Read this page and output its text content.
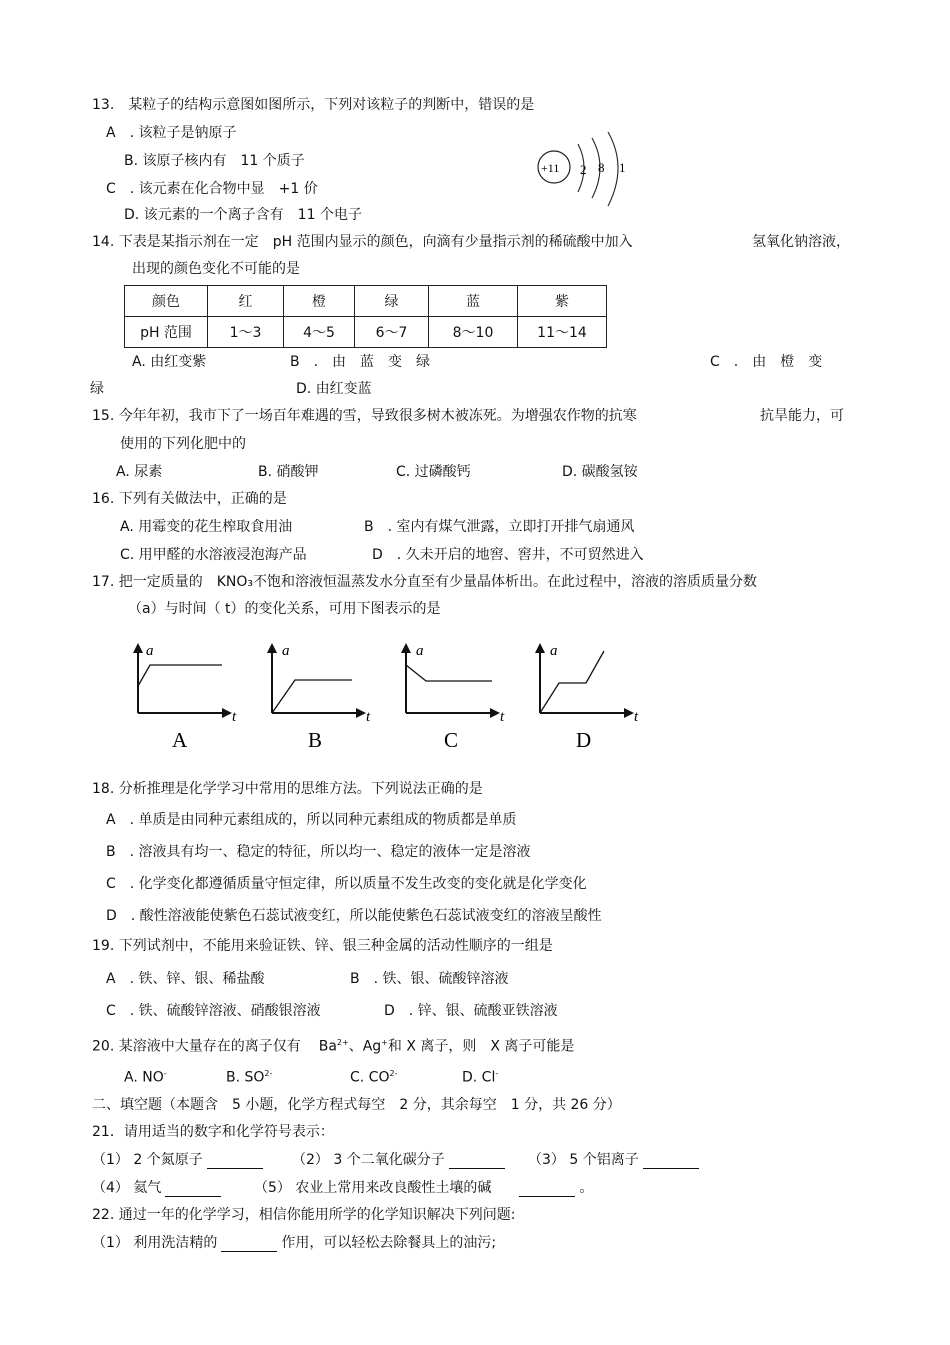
13.　某粒子的结构示意图如图所示，下列对该粒子的判断中，错误的是
A　. 该粒子是钠原子
B. 该原子核内有　11 个质子
C　. 该元素在化合物中显　+1 价
D. 该元素的一个离子含有　11 个电子
+11 2 8 1
14. 下表是某指示剂在一定　pH 范围内显示的颜色，向滴有少量指示剂的稀硫酸中加入	氢氧化钠溶液，
出现的颜色变化不可能的是
颜色	红	橙	绿	蓝	紫
pH 范围	1～3	4～5	6～7	8～10	11～14
A. 由红变紫	B　.　由　蓝　变　绿	C　.　由　橙　变
绿	D. 由红变蓝
15. 今年年初，我市下了一场百年难遇的雪，导致很多树木被冻死。为增强农作物的抗寒	抗旱能力，可
使用的下列化肥中的
A. 尿素	B. 硝酸钾	C. 过磷酸钙	D. 碳酸氢铵
16. 下列有关做法中，正确的是
A. 用霉变的花生榨取食用油	B　. 室内有煤气泄露，立即打开排气扇通风
C. 用甲醛的水溶液浸泡海产品	D　. 久未开启的地窖、窖井，不可贸然进入
17. 把一定质量的　KNO₃不饱和溶液恒温蒸发水分直至有少量晶体析出。在此过程中，溶液的溶质质量分数
（a）与时间（ t）的变化关系，可用下图表示的是
a
t
A
a
t
B
a
t
C
a
t
D
18. 分析推理是化学学习中常用的思维方法。下列说法正确的是
A　. 单质是由同种元素组成的，所以同种元素组成的物质都是单质
B　. 溶液具有均一、稳定的特征，所以均一、稳定的液体一定是溶液
C　. 化学变化都遵循质量守恒定律，所以质量不发生改变的变化就是化学变化
D　. 酸性溶液能使紫色石蕊试液变红，所以能使紫色石蕊试液变红的溶液呈酸性
19. 下列试剂中，不能用来验证铁、锌、银三种金属的活动性顺序的一组是
A　. 铁、锌、银、稀盐酸	B　. 铁、银、硫酸锌溶液
C　. 铁、硫酸锌溶液、硝酸银溶液	D　. 锌、银、硫酸亚铁溶液
20. 某溶液中大量存在的离子仅有 $Ba^{2+}$、Ag+和 X 离子，则　X 离子可能是
A. NO-	B. $SO^{2-}$	C. $CO^{2-}$	D. Cl-
二、填空题（本题含　5 小题，化学方程式每空　2 分，其余每空　1 分，共 26 分）
21．请用适当的数字和化学符号表示：
（1） 2 个氮原子	（2） 3 个二氧化碳分子	（3） 5 个铝离子
（4） 氦气	（5） 农业上常用来改良酸性土壤的碱	。
22. 通过一年的化学学习，相信你能用所学的化学知识解决下列问题:
（1） 利用洗洁精的	作用，可以轻松去除餐具上的油污;
